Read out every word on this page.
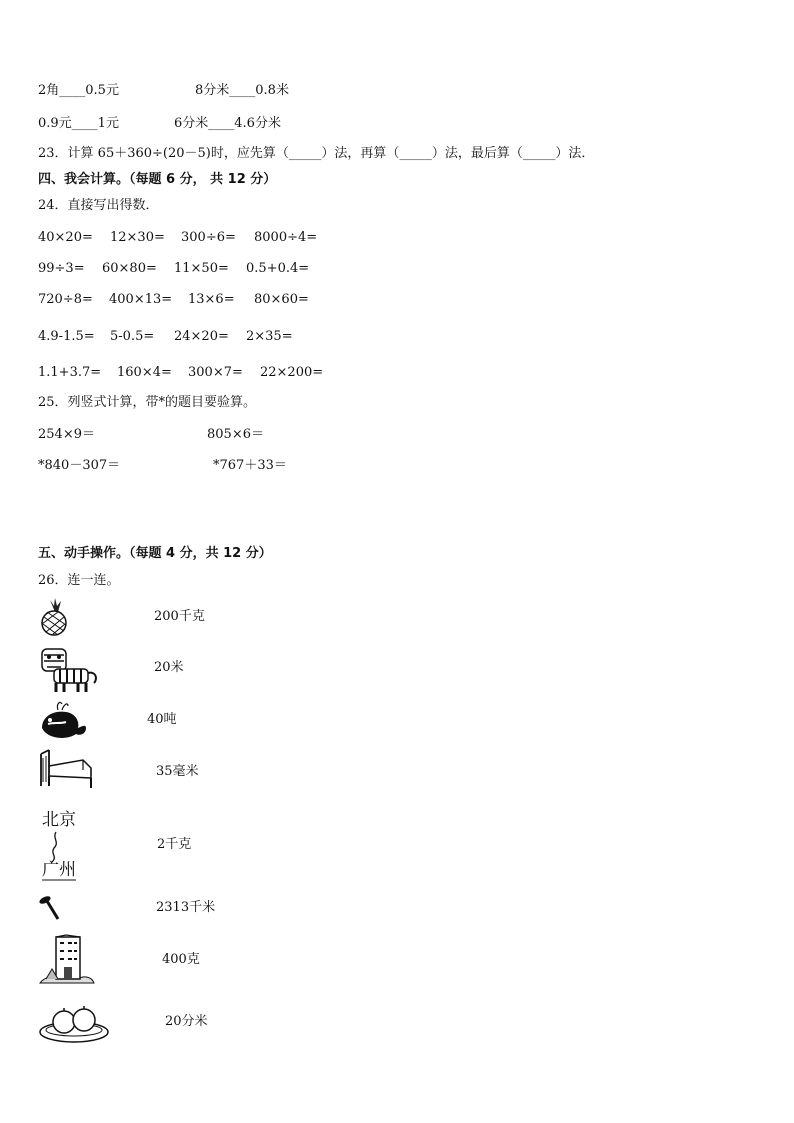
2角____0.5元	8分米____0.8米
0.9元____1元	6分米____4.6分米
23．计算 65＋360÷(20－5)时，应先算（_____）法，再算（_____）法，最后算（_____）法．
四、我会计算。（每题 6 分， 共 12 分）
24．直接写出得数．
40×20= 12×30= 300÷6= 8000÷4=
99÷3= 60×80= 11×50= 0.5+0.4=
720÷8= 400×13= 13×6= 80×60=
4.9-1.5= 5-0.5= 24×20= 2×35=
1.1+3.7= 160×4= 300×7= 22×200=
25．列竖式计算，带*的题目要验算。
254×9＝	805×6＝
*840－307＝	*767＋33＝
五、动手操作。（每题 4 分，共 12 分）
26．连一连。
200千克
20米
40吨
35毫米
北京
广州
2千克
2313千米
400克
20分米
